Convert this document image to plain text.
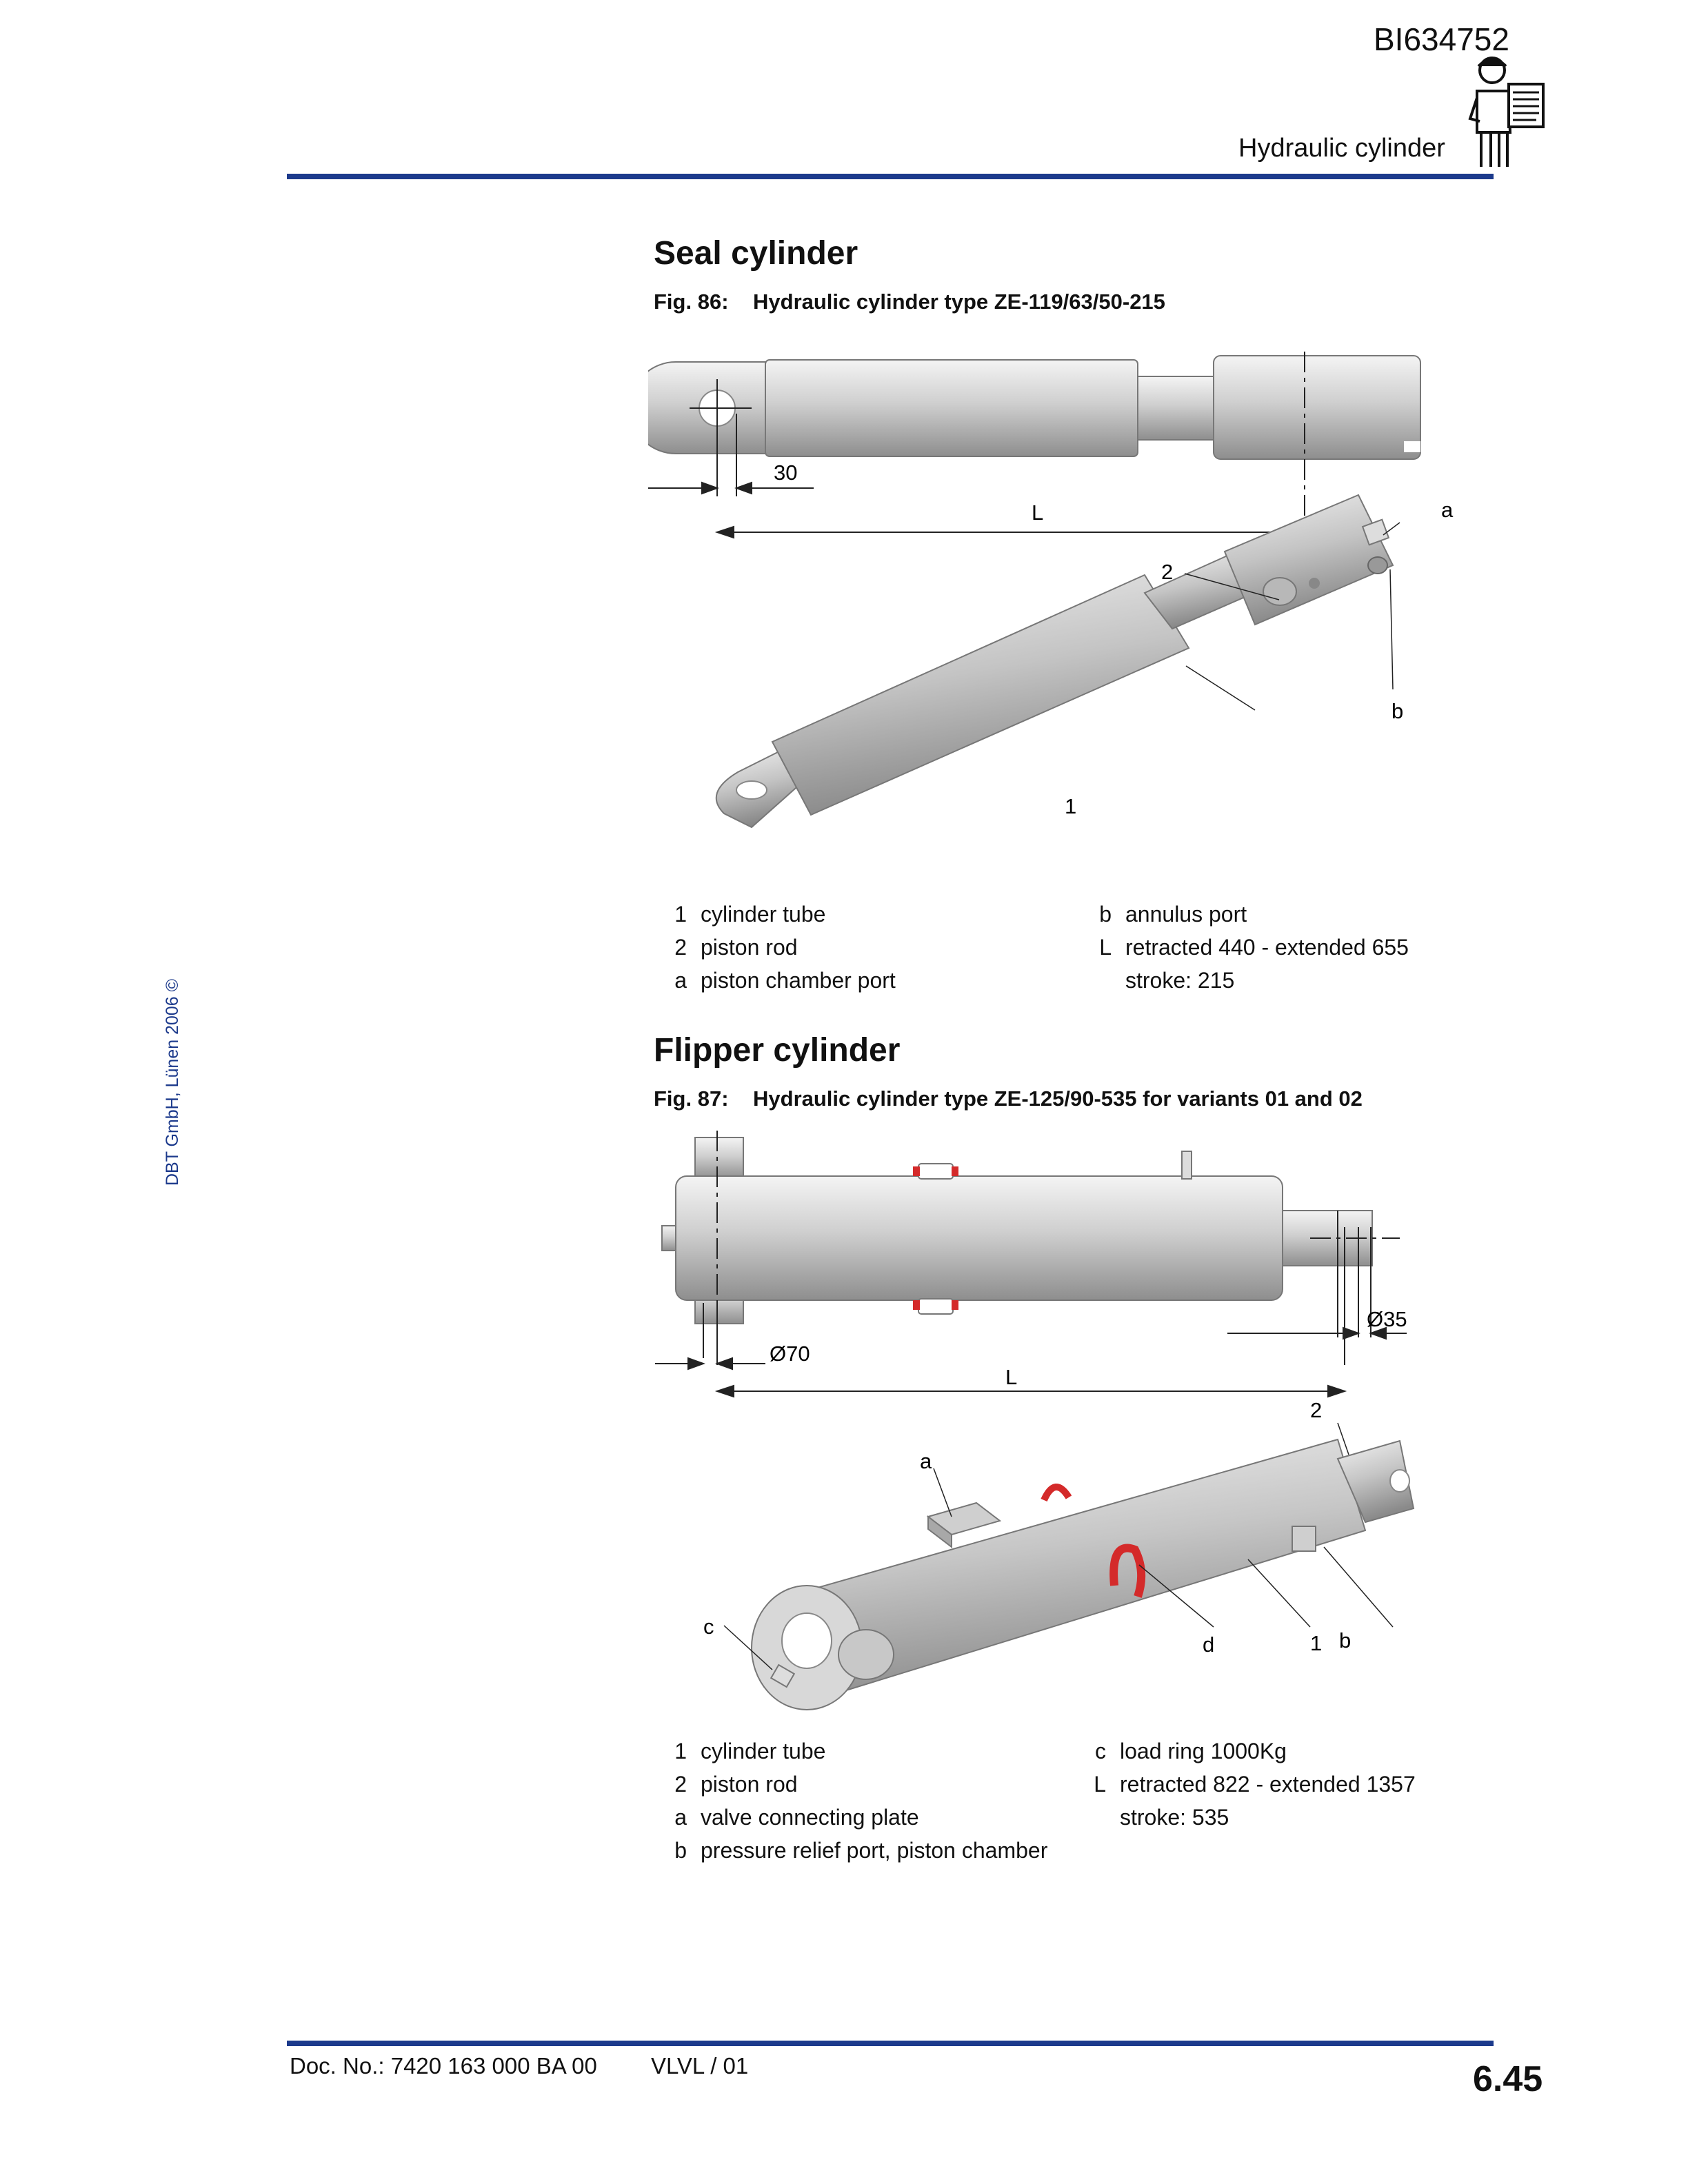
BI634752
Hydraulic cylinder
DBT GmbH, Lünen 2006 ©
Seal cylinder
Fig. 86: Hydraulic cylinder type ZE-119/63/50-215
30
L	a
b
2
1
1 cylinder tube
2 piston rod
a piston chamber port
b annulus port
L retracted 440 - extended 655
stroke: 215
Flipper cylinder
Fig. 87: Hydraulic cylinder type ZE-125/90-535 for variants 01 and 02
Ø70
Ø35
L
a
b
c
d
2
1
1 cylinder tube
2 piston rod
a valve connecting plate
b pressure relief port, piston chamber
c load ring 1000Kg
L retracted 822 - extended 1357
stroke: 535
Doc. No.: 7420 163 000 BA 00 VLVL / 01	6.45
